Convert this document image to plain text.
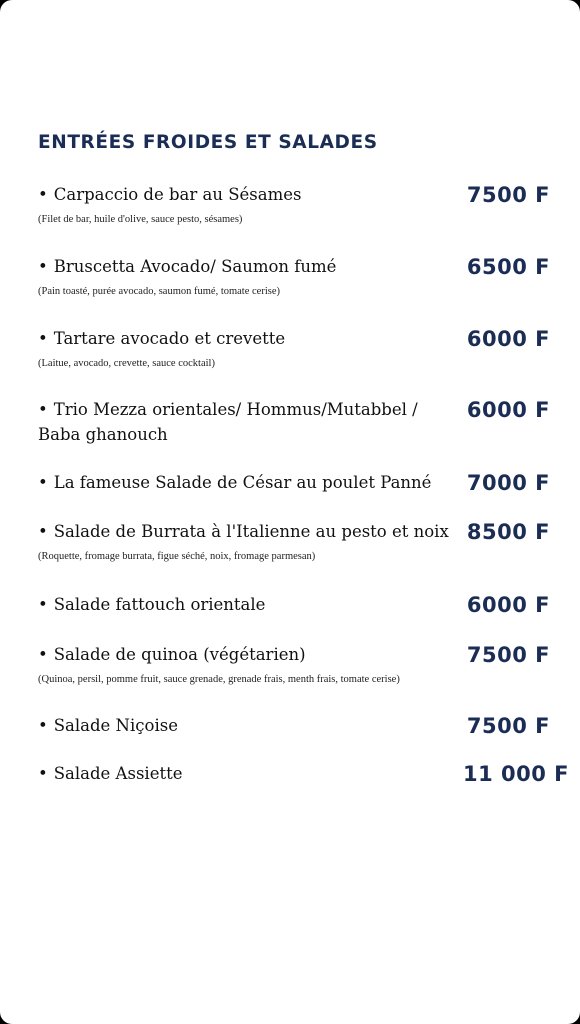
ENTRÉES FROIDES ET SALADES
• Carpaccio de bar au Sésames
(Filet de bar, huile d'olive, sauce pesto, sésames)
7500 F
• Bruscetta Avocado/ Saumon fumé
(Pain toasté, purée avocado, saumon fumé, tomate cerise)
6500 F
• Tartare avocado et crevette
(Laitue, avocado, crevette, sauce cocktail)
6000 F
• Trio Mezza orientales/ Hommus/Mutabbel / Baba ghanouch
6000 F
• La fameuse Salade de César au poulet Panné	7000 F
• Salade de Burrata à l'Italienne au pesto et noix
(Roquette, fromage burrata, figue séché, noix, fromage parmesan)
8500 F
• Salade fattouch orientale	6000 F
• Salade de quinoa (végétarien)
(Quinoa, persil, pomme fruit, sauce grenade, grenade frais, menth frais, tomate cerise)
7500 F
• Salade Niçoise	7500 F
• Salade Assiette	11 000 F
